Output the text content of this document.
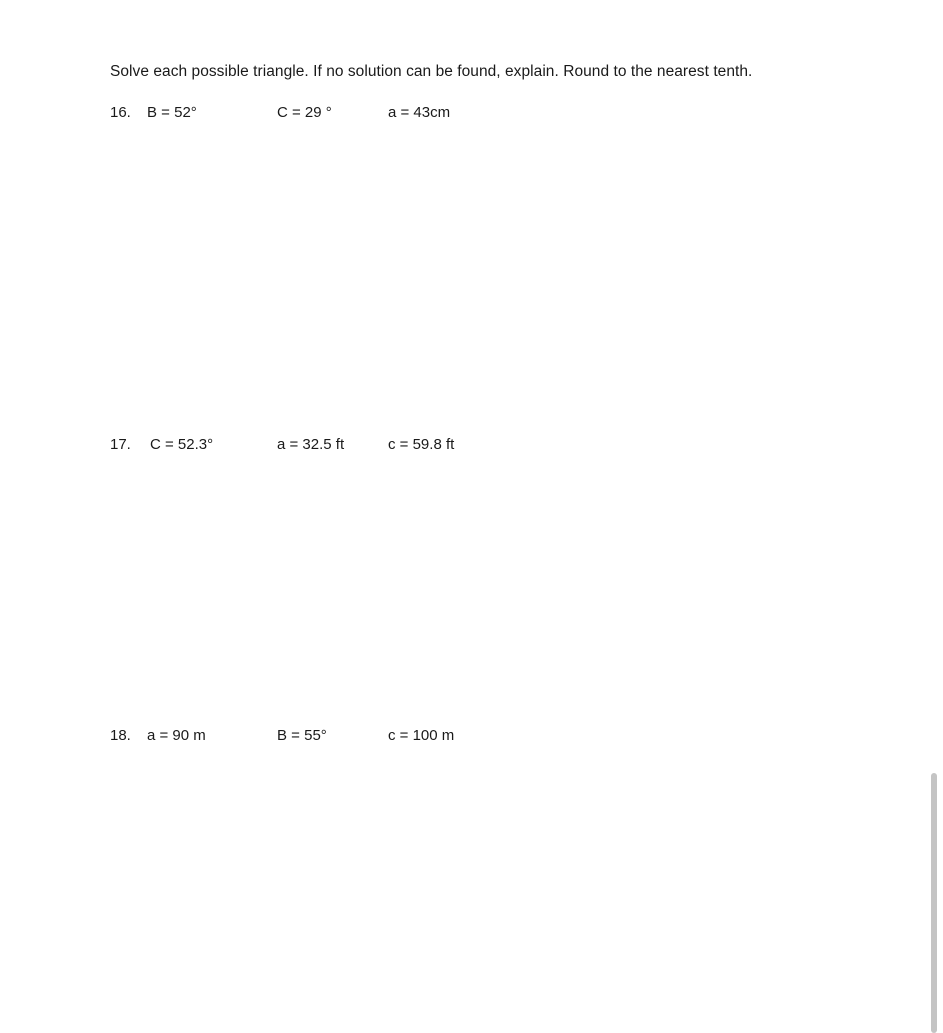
Solve each possible triangle. If no solution can be found, explain. Round to the nearest tenth.
16. B = 52°	C = 29 °	a = 43cm
17. C = 52.3°	a = 32.5 ft	c = 59.8 ft
18. a = 90 m	B = 55°	c = 100 m
